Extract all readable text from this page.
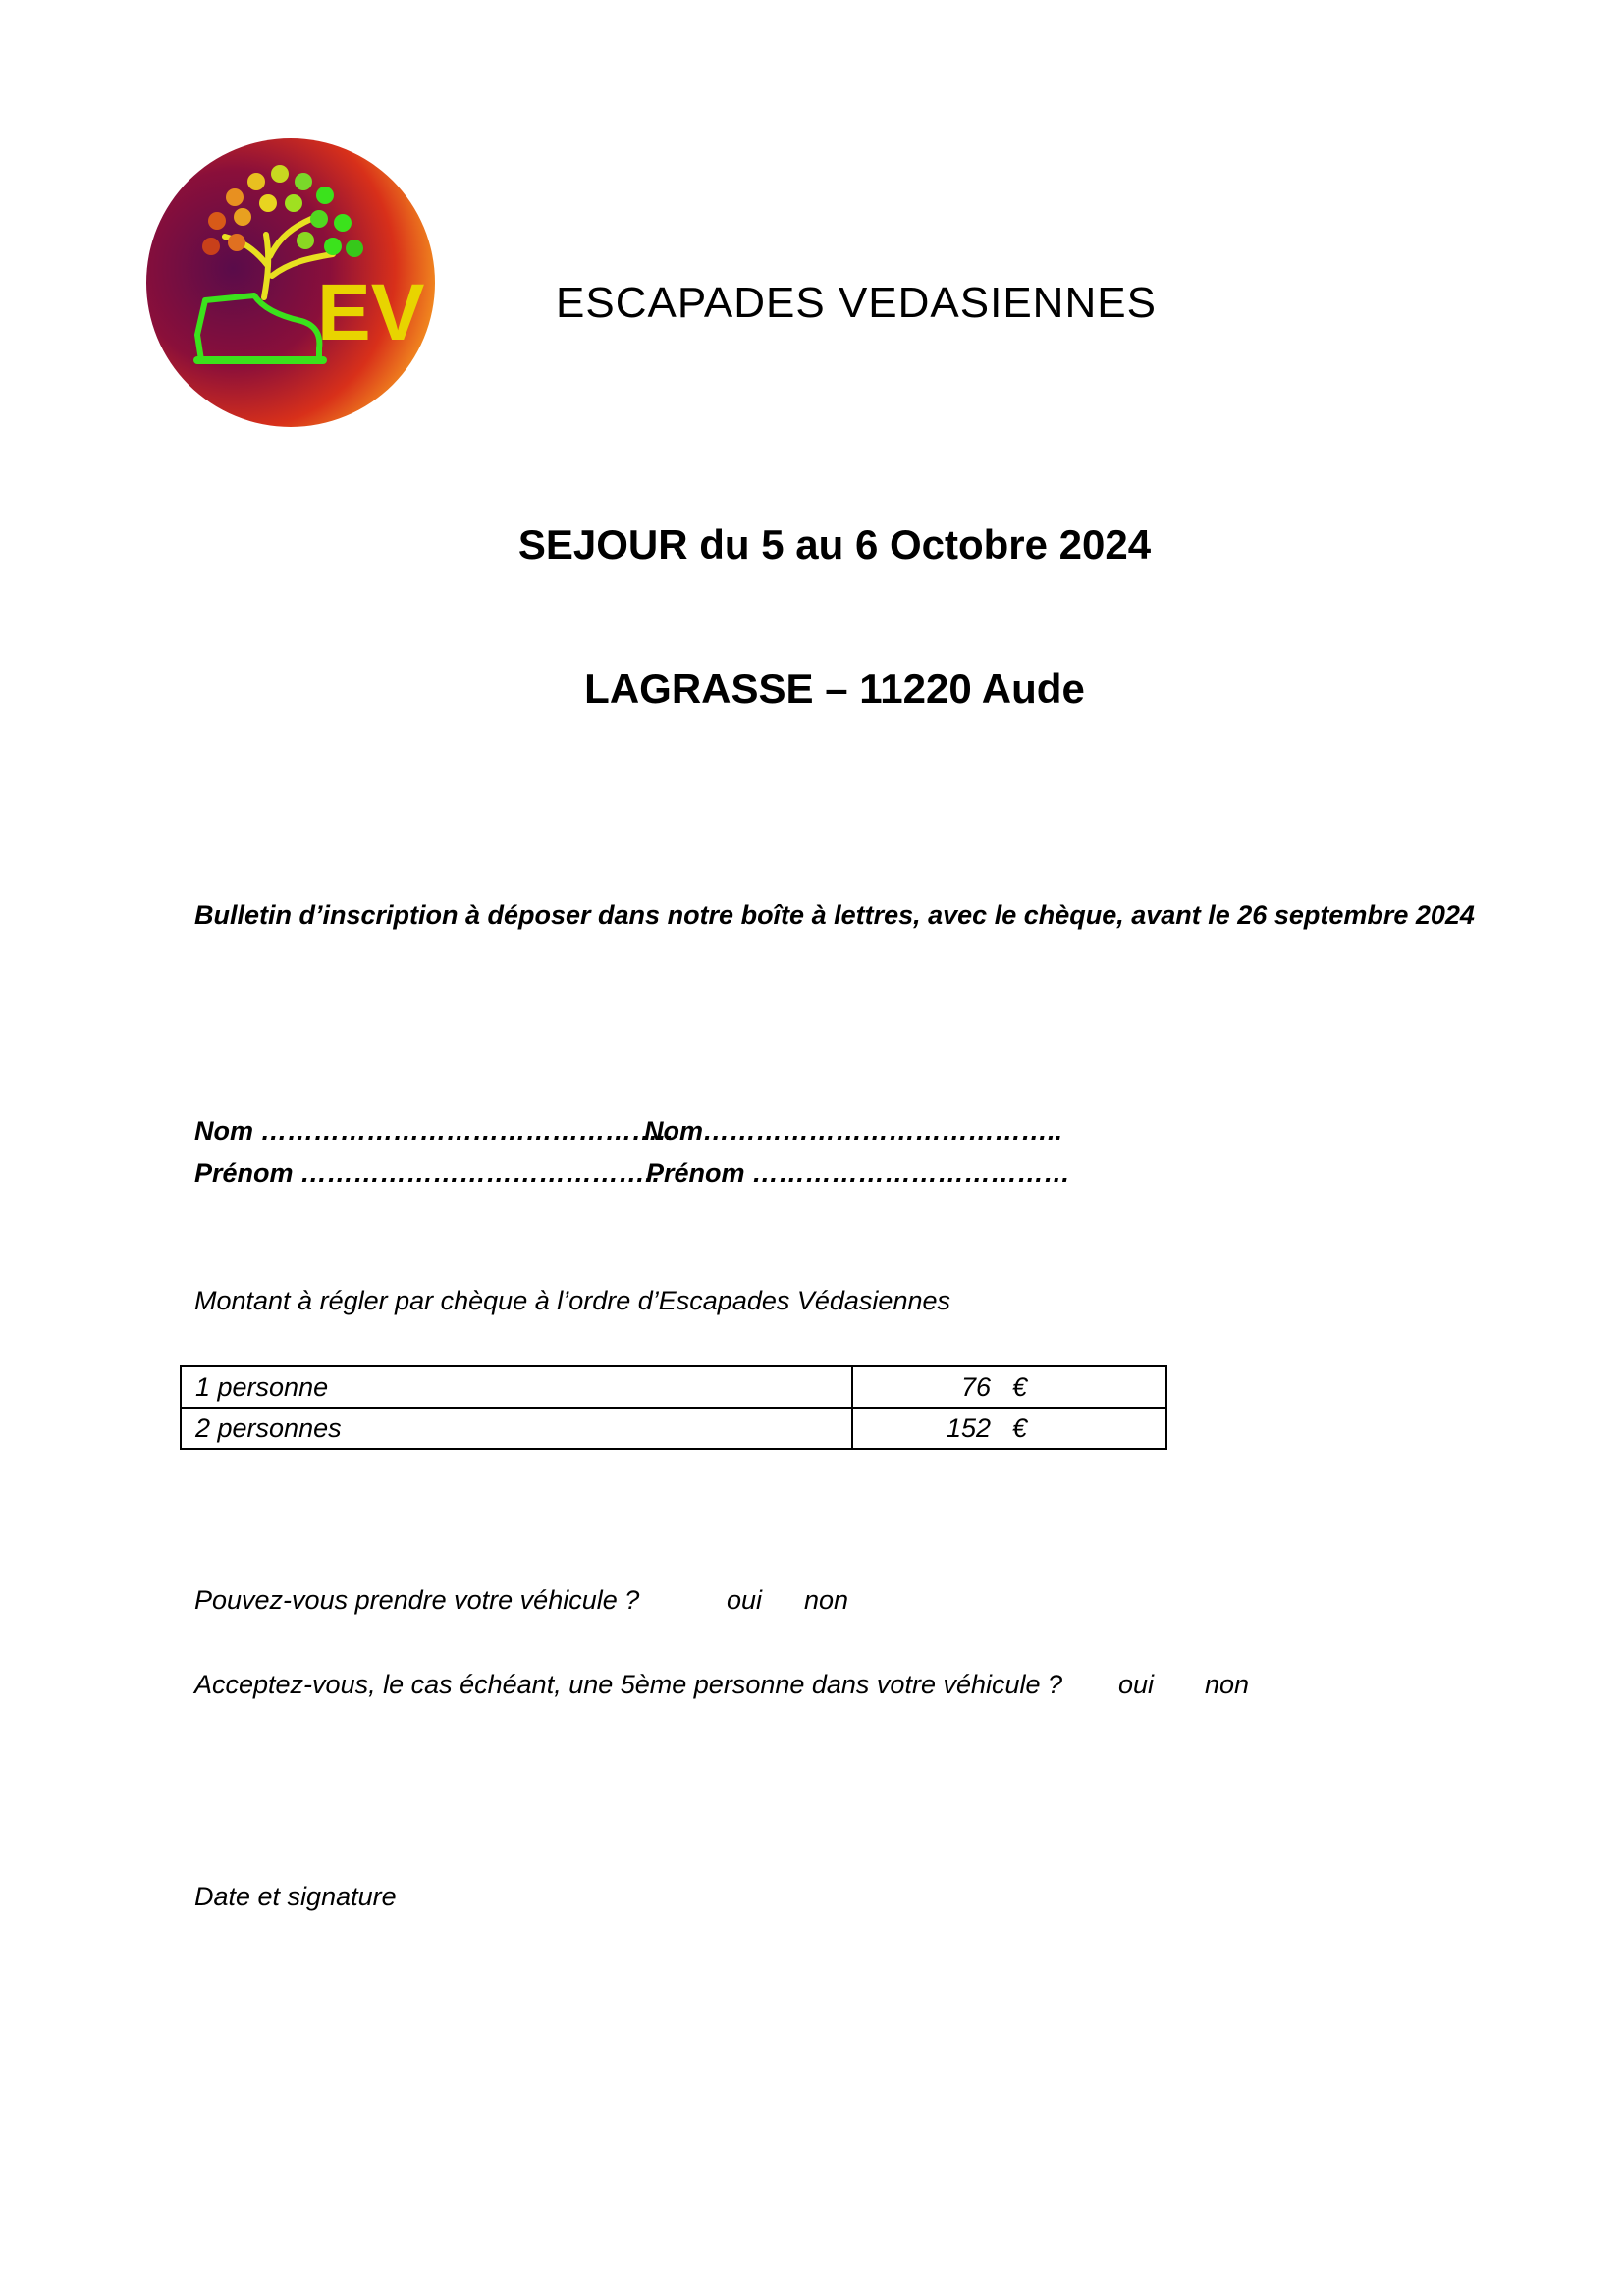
EV	ESCAPADES VEDASIENNES
SEJOUR du 5 au 6 Octobre 2024
LAGRASSE – 11220 Aude
Bulletin d’inscription à déposer dans notre boîte à lettres, avec le chèque, avant le 26 septembre 2024
Nom ………………………………………..
Prénom …………………………………..
Nom…………………………………..
Prénom ………………………………
Montant à régler par chèque à l’ordre d’Escapades Védasiennes
1 personne	76 €
2 personnes	152 €
Pouvez-vous prendre votre véhicule ?	oui non
Acceptez-vous, le cas échéant, une 5ème personne dans votre véhicule ? oui non
Date et signature
